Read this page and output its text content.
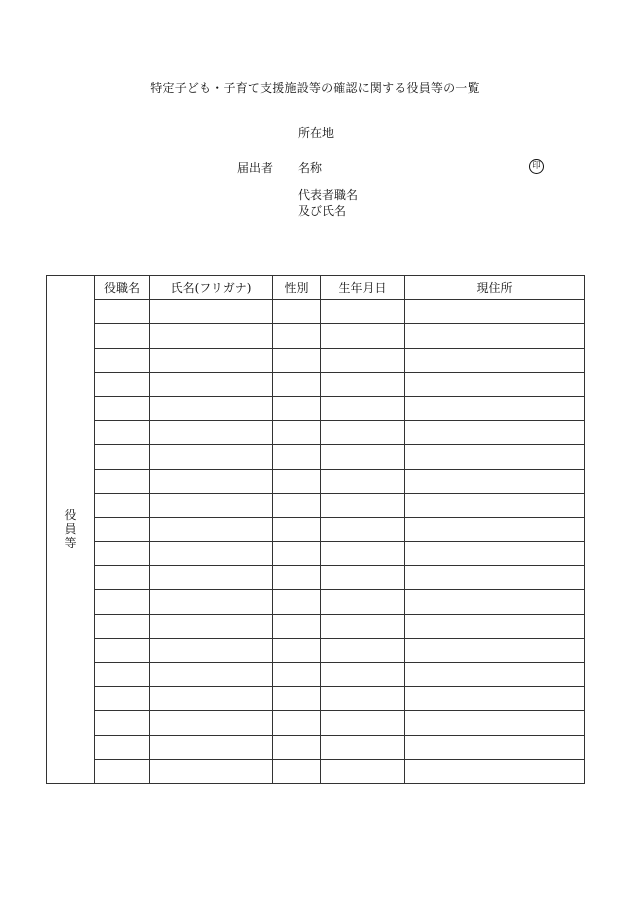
特定子ども・子育て支援施設等の確認に関する役員等の一覧
所在地
届出者 名称	印
代表者職名
及び氏名
役員等	役職名	氏名(フリガナ)	性別	生年月日	現住所
